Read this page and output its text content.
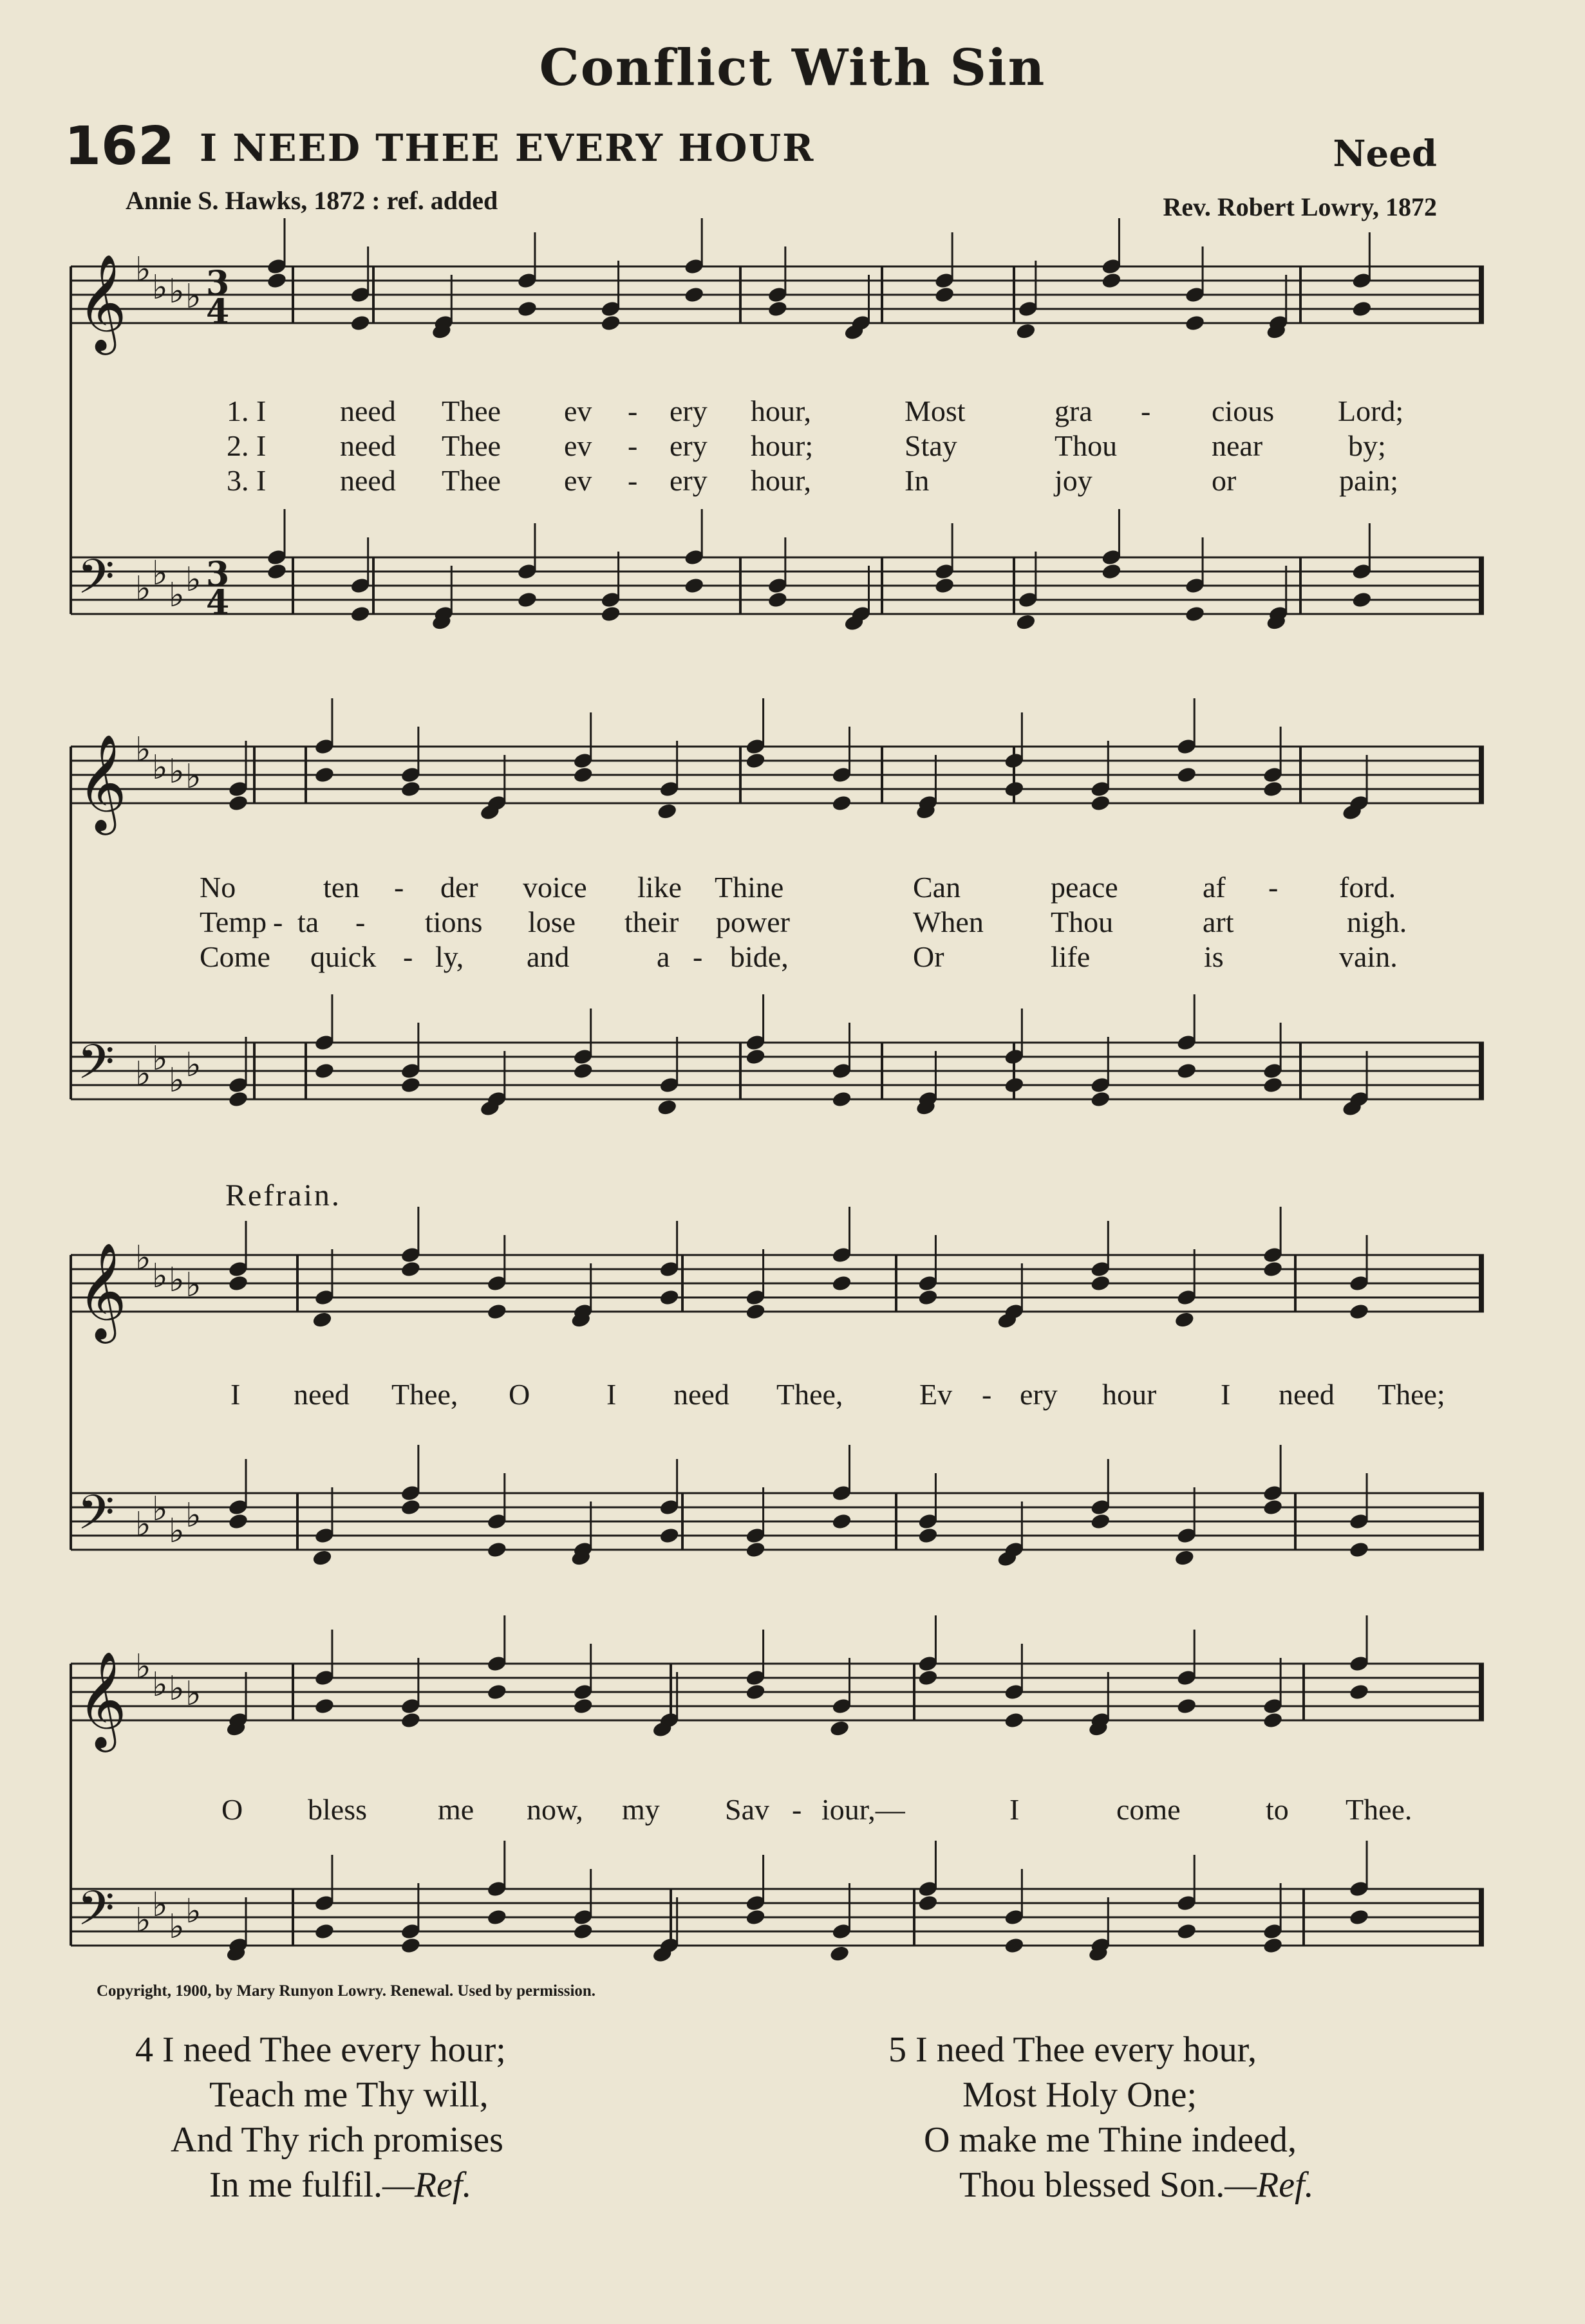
Conflict With Sin
162 I NEED THEE EVERY HOUR	Need
Annie S. Hawks, 1872 : ref. added	Rev. Robert Lowry, 1872
Refrain.
Copyright, 1900, by Mary Runyon Lowry. Renewal. Used by permission.
𝄞 ♭ ♭ ♭ ♭ 3
4
𝄢 ♭ ♭
♭ ♭ 3
4
𝄞 ♭ ♭ ♭ ♭
𝄢 ♭ ♭
♭ ♭
𝄞 ♭ ♭ ♭ ♭
𝄢 ♭ ♭
♭ ♭
𝄞 ♭ ♭ ♭ ♭
𝄢 ♭ ♭
♭ ♭
1. I need Thee ev - ery hour,	Most	gra - cious Lord;
2. I need Thee ev - ery hour;	Stay	Thou	near	by;
3. I need Thee ev - ery hour,	In	joy	or	pain;
No	ten - der voice like Thine	Can	peace	af - ford.
Temp - ta - tions lose their power	When Thou	art	nigh.
Come quick - ly, and	a - bide,	Or	life	is	vain.
I need Thee, O	I need Thee,	Ev - ery hour I need Thee;
O bless me now, my Sav - iour,—	I	come	to Thee.
4 I need Thee every hour;
Teach me Thy will,
And Thy rich promises
In me fulfil.—Ref.
5 I need Thee every hour,
Most Holy One;
O make me Thine indeed,
Thou blessed Son.—Ref.
